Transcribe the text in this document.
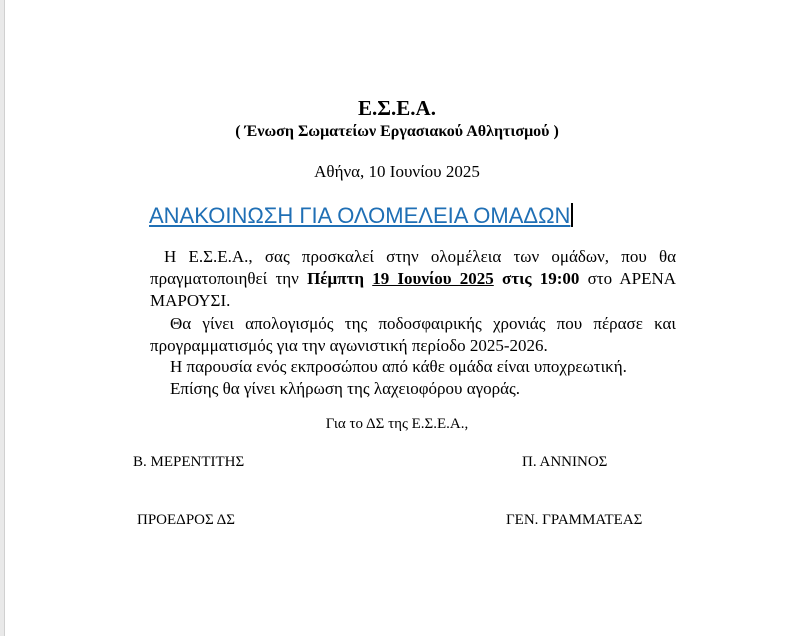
Ε.Σ.Ε.Α.
( Ένωση Σωματείων Εργασιακού Αθλητισμού )
Αθήνα, 10 Ιουνίου 2025
ΑΝΑΚΟΙΝΩΣΗ ΓΙΑ ΟΛΟΜΕΛΕΙΑ ΟΜΑΔΩΝ
Η Ε.Σ.Ε.Α., σας προσκαλεί στην ολομέλεια των ομάδων, που θα πραγματοποιηθεί την Πέμπτη 19 Ιουνίου 2025 στις 19:00 στο ΑΡΕΝΑ ΜΑΡΟΥΣΙ.
Θα γίνει απολογισμός της ποδοσφαιρικής χρονιάς που πέρασε και προγραμματισμός για την αγωνιστική περίοδο 2025-2026.
Η παρουσία ενός εκπροσώπου από κάθε ομάδα είναι υποχρεωτική.
Επίσης θα γίνει κλήρωση της λαχειοφόρου αγοράς.
Για το ΔΣ της Ε.Σ.Ε.Α.,
Β. ΜΕΡΕΝΤΙΤΗΣ	Π. ΑΝΝΙΝΟΣ
ΠΡΟΕΔΡΟΣ ΔΣ	ΓΕΝ. ΓΡΑΜΜΑΤΕΑΣ
